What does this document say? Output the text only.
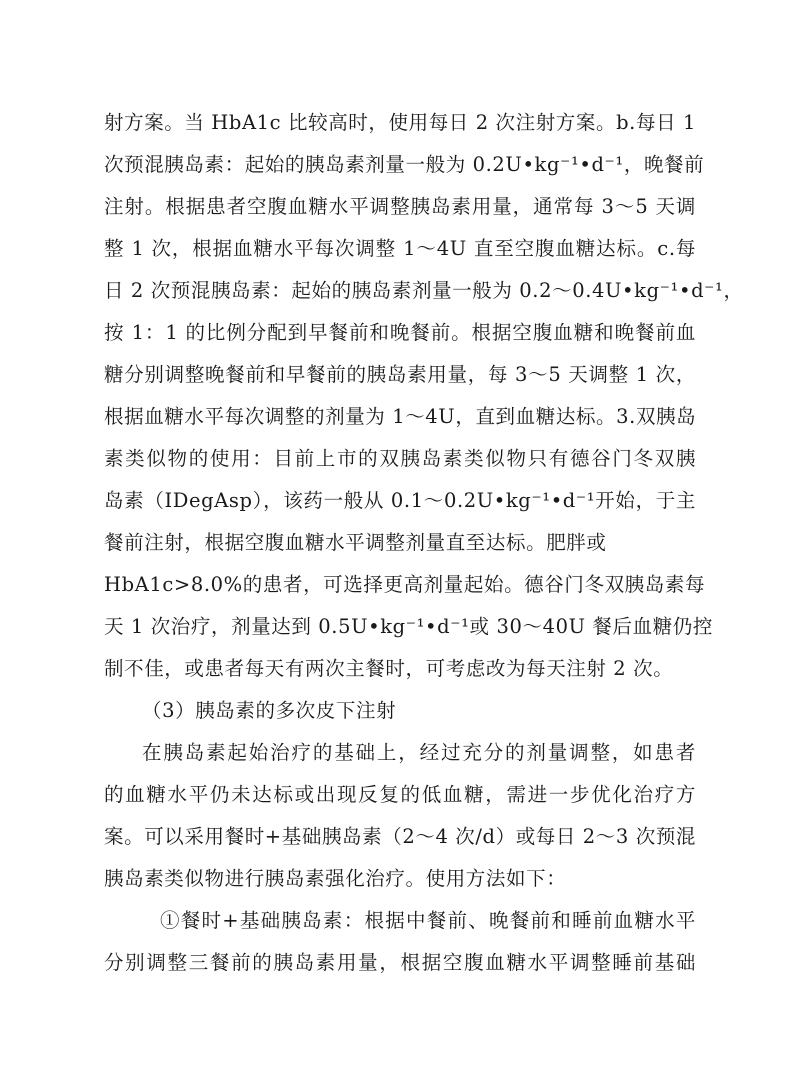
射方案。当 HbA1c 比较高时，使用每日 2 次注射方案。b.每日 1
次预混胰岛素：起始的胰岛素剂量一般为 0.2U•kg⁻¹•d⁻¹，晚餐前
注射。根据患者空腹血糖水平调整胰岛素用量，通常每 3～5 天调
整 1 次，根据血糖水平每次调整 1～4U 直至空腹血糖达标。c.每
日 2 次预混胰岛素：起始的胰岛素剂量一般为 0.2～0.4U•kg⁻¹•d⁻¹，
按 1：1 的比例分配到早餐前和晚餐前。根据空腹血糖和晚餐前血
糖分别调整晚餐前和早餐前的胰岛素用量，每 3～5 天调整 1 次，
根据血糖水平每次调整的剂量为 1～4U，直到血糖达标。3.双胰岛
素类似物的使用：目前上市的双胰岛素类似物只有德谷门冬双胰
岛素（IDegAsp），该药一般从 0.1～0.2U•kg⁻¹•d⁻¹开始，于主
餐前注射，根据空腹血糖水平调整剂量直至达标。肥胖或
HbA1c>8.0%的患者，可选择更高剂量起始。德谷门冬双胰岛素每
天 1 次治疗，剂量达到 0.5U•kg⁻¹•d⁻¹或 30～40U 餐后血糖仍控
制不佳，或患者每天有两次主餐时，可考虑改为每天注射 2 次。
（3）胰岛素的多次皮下注射
在胰岛素起始治疗的基础上，经过充分的剂量调整，如患者
的血糖水平仍未达标或出现反复的低血糖，需进一步优化治疗方
案。可以采用餐时+基础胰岛素（2～4 次/d）或每日 2～3 次预混
胰岛素类似物进行胰岛素强化治疗。使用方法如下：
①餐时+基础胰岛素：根据中餐前、晚餐前和睡前血糖水平
分别调整三餐前的胰岛素用量，根据空腹血糖水平调整睡前基础
